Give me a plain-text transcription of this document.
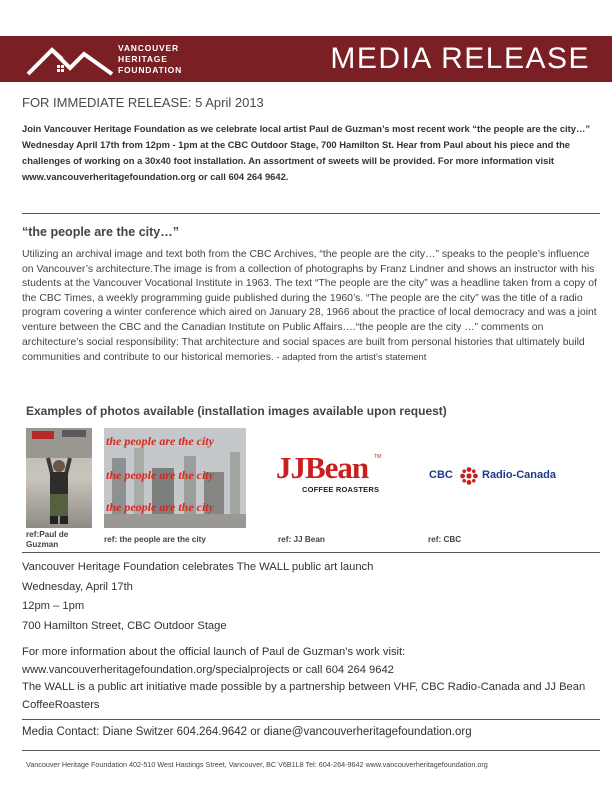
VANCOUVER
HERITAGE
FOUNDATION	MEDIA RELEASE
FOR IMMEDIATE RELEASE: 5 April 2013
Join Vancouver Heritage Foundation as we celebrate local artist Paul de Guzman’s most recent work “the people are the city…” Wednesday April 17th from 12pm - 1pm at the CBC Outdoor Stage, 700 Hamilton St. Hear from Paul about his piece and the challenges of working on a 30x40 foot installation. An assortment of sweets will be provided. For more information visit www.vancouverheritagefoundation.org or call 604 264 9642.
“the people are the city…”
Utilizing an archival image and text both from the CBC Archives, “the people are the city…” speaks to the people’s influence on Vancouver’s architecture.The image is from a collection of photographs by Franz Lindner and shows an instructor with his students at the Vancouver Vocational Institute in 1963. The text “The people are the city” was a headline taken from a copy of the CBC Times, a weekly programming guide published during the 1960’s. “The people are the city” was the title of a radio program covering a winter conference which aired on January 28, 1966 about the practice of local democracy and was a joint venture between the CBC and the Canadian Institute on Public Affairs….“the people are the city …” comments on architecture’s social responsibility: That architecture and social spaces are built from personal histories that ultimately build communities and contribute to our historical memories. - adapted from the artist’s statement
Examples of photos available (installation images available upon request)
the people are the city
the people are the city
the people are the city
JJBean	TM
COFFEE ROASTERS
CBC	Radio-Canada
ref:Paul de Guzman
ref: the people are the city	ref: JJ Bean	ref: CBC
Vancouver Heritage Foundation celebrates The WALL public art launch
Wednesday, April 17th
12pm – 1pm
700 Hamilton Street, CBC Outdoor Stage
For more information about the official launch of Paul de Guzman’s work visit:
www.vancouverheritagefoundation.org/specialprojects or call 604 264 9642
The WALL is a public art initiative made possible by a partnership between VHF, CBC Radio-Canada and JJ Bean CoffeeRoasters
Media Contact: Diane Switzer 604.264.9642 or diane@vancouverheritagefoundation.org
Vancouver Heritage Foundation 402-510 West Hastings Street, Vancouver, BC V6B1L8 Tel: 604-264-9642 www.vancouverheritagefoundation.org
